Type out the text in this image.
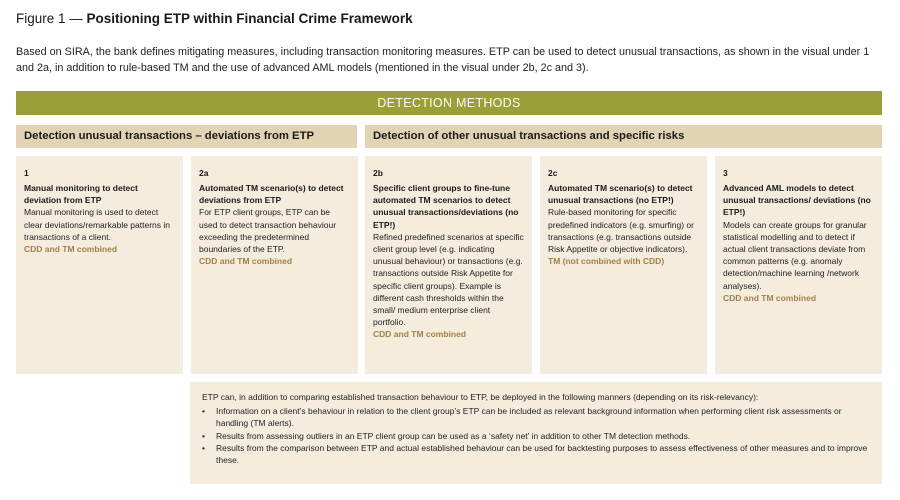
Figure 1 — Positioning ETP within Financial Crime Framework
Based on SIRA, the bank defines mitigating measures, including transaction monitoring measures. ETP can be used to detect unusual transactions, as shown in the visual under 1 and 2a, in addition to rule-based TM and the use of advanced AML models (mentioned in the visual under 2b, 2c and 3).
DETECTION METHODS
Detection unusual transactions – deviations from ETP	Detection of other unusual transactions and specific risks
1
Manual monitoring to detect deviation from ETP
Manual monitoring is used to detect clear deviations/remarkable patterns in transactions of a client.
CDD and TM combined
2a
Automated TM scenario(s) to detect deviations from ETP
For ETP client groups, ETP can be used to detect transaction behaviour exceeding the predetermined boundaries of the ETP.
CDD and TM combined
2b
Specific client groups to fine-tune automated TM scenarios to detect unusual transactions/deviations (no ETP!)
Refined predefined scenarios at specific client group level (e.g. indicating unusual behaviour) or transactions (e.g. transactions outside Risk Appetite for specific client groups). Example is different cash thresholds within the small/ medium enterprise client portfolio.
CDD and TM combined
2c
Automated TM scenario(s) to detect unusual transactions (no ETP!)
Rule-based monitoring for specific predefined indicators (e.g. smurfing) or transactions (e.g. transactions outside Risk Appetite or objective indicators).
TM (not combined with CDD)
3
Advanced AML models to detect unusual transactions/ deviations (no ETP!)
Models can create groups for granular statistical modelling and to detect if actual client transactions deviate from common patterns (e.g. anomaly detection/machine learning /network analyses).
CDD and TM combined
ETP can, in addition to comparing established transaction behaviour to ETP, be deployed in the following manners (depending on its risk-relevancy):
• Information on a client’s behaviour in relation to the client group’s ETP can be included as relevant background information when performing client risk assessments or handling (TM alerts).
• Results from assessing outliers in an ETP client group can be used as a ‘safety net’ in addition to other TM detection methods.
• Results from the comparison between ETP and actual established behaviour can be used for backtesting purposes to assess effectiveness of other measures and to improve these.
